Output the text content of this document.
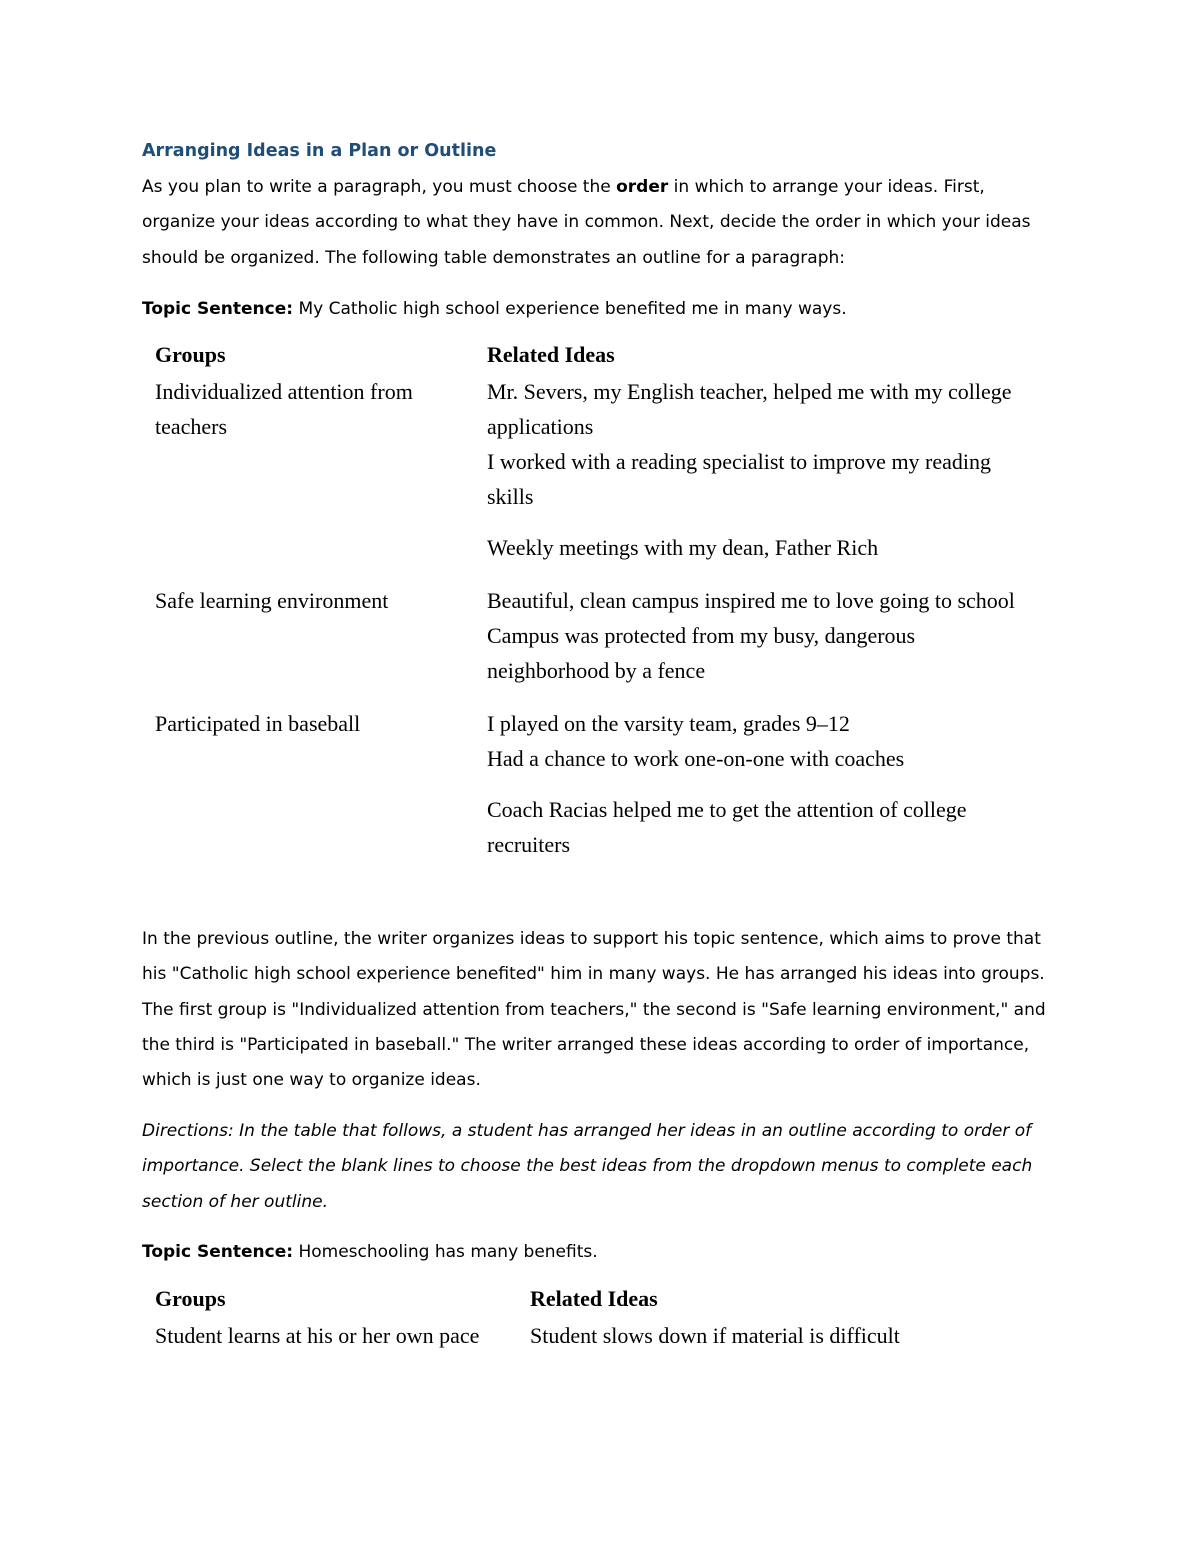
Arranging Ideas in a Plan or Outline

As you plan to write a paragraph, you must choose the order in which to arrange your ideas. First, organize your ideas according to what they have in common. Next, decide the order in which your ideas should be organized. The following table demonstrates an outline for a paragraph:

Topic Sentence: My Catholic high school experience benefited me in many ways.

Groups	Related Ideas
Individualized attention from teachers	Mr. Severs, my English teacher, helped me with my college applications
I worked with a reading specialist to improve my reading skills
Weekly meetings with my dean, Father Rich

Safe learning environment	Beautiful, clean campus inspired me to love going to school
Campus was protected from my busy, dangerous neighborhood by a fence

Participated in baseball	I played on the varsity team, grades 9–12
Had a chance to work one-on-one with coaches
Coach Racias helped me to get the attention of college recruiters

In the previous outline, the writer organizes ideas to support his topic sentence, which aims to prove that his "Catholic high school experience benefited" him in many ways. He has arranged his ideas into groups. The first group is "Individualized attention from teachers," the second is "Safe learning environment," and the third is "Participated in baseball." The writer arranged these ideas according to order of importance, which is just one way to organize ideas.

Directions: In the table that follows, a student has arranged her ideas in an outline according to order of importance. Select the blank lines to choose the best ideas from the dropdown menus to complete each section of her outline.

Topic Sentence: Homeschooling has many benefits.

Groups	Related Ideas
Student learns at his or her own pace	Student slows down if material is difficult
